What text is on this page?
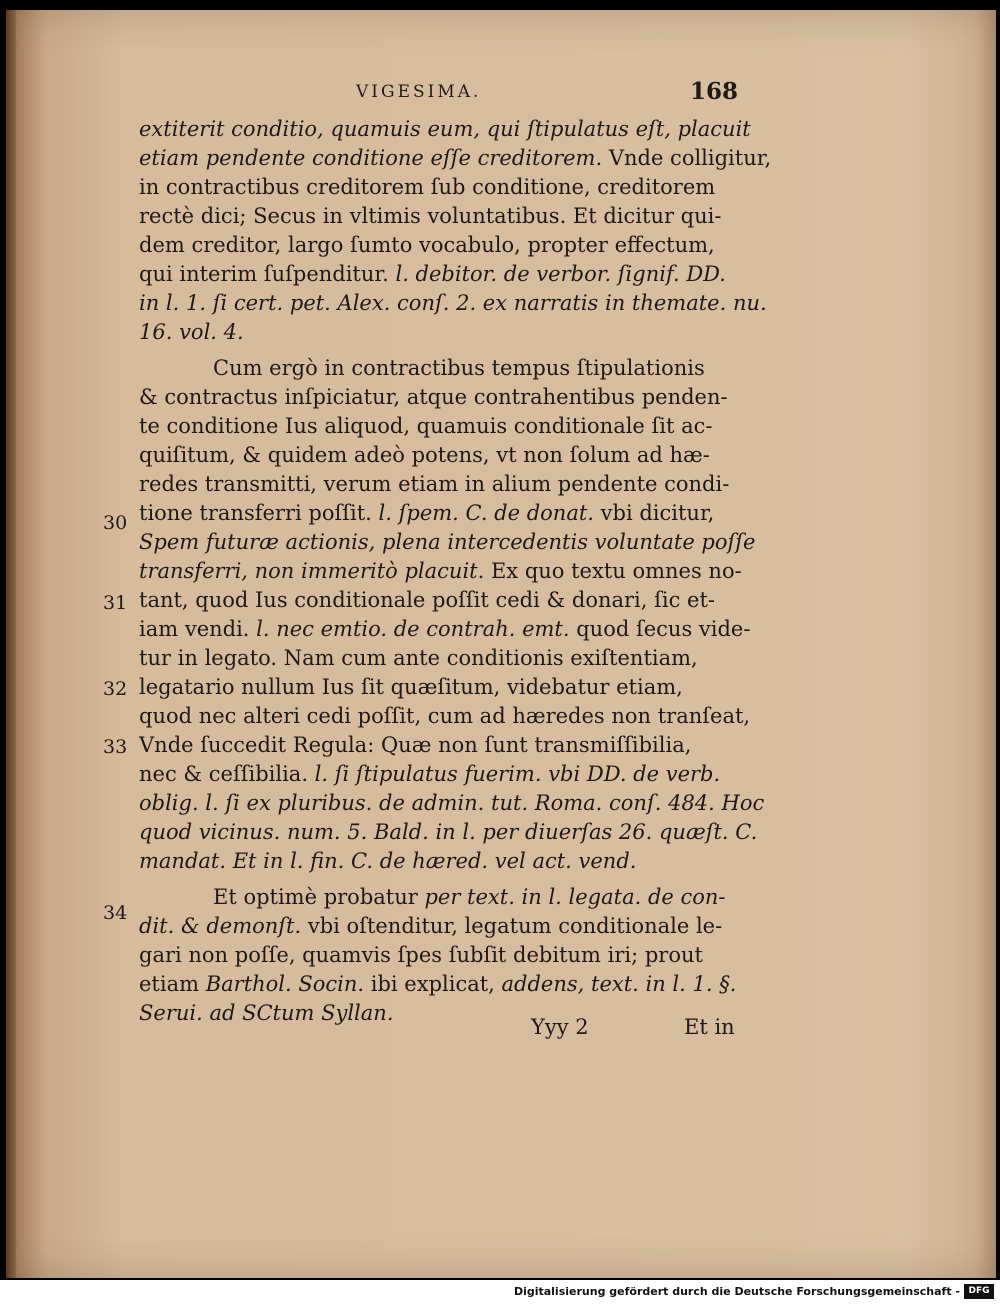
VIGESIMA.	168
extiterit conditio, quamuis eum, qui ſtipulatus eſt, placuit
etiam pendente conditione eſſe creditorem. Vnde colligitur,
in contractibus creditorem ſub conditione, creditorem
rectè dici; Secus in vltimis voluntatibus. Et dicitur qui-
dem creditor, largo ſumto vocabulo, propter effectum,
qui interim ſuſpenditur. l. debitor. de verbor. ſignif. DD.
in l. 1. ſi cert. pet. Alex. conſ. 2. ex narratis in themate. nu.
16. vol. 4.
Cum ergò in contractibus tempus ſtipulationis
& contractus inſpiciatur, atque contrahentibus penden-
te conditione Ius aliquod, quamuis conditionale ſit ac-
quiſitum, & quidem adeò potens, vt non ſolum ad hæ-
redes transmitti, verum etiam in alium pendente condi-
tione transferri poſſit. l. ſpem. C. de donat. vbi dicitur,
Spem futuræ actionis, plena intercedentis voluntate poſſe
transferri, non immeritò placuit. Ex quo textu omnes no-
tant, quod Ius conditionale poſſit cedi & donari, ſic et-
iam vendi. l. nec emtio. de contrah. emt. quod ſecus vide-
tur in legato. Nam cum ante conditionis exiſtentiam,
legatario nullum Ius ſit quæſitum, videbatur etiam,
quod nec alteri cedi poſſit, cum ad hæredes non tranſeat,
Vnde ſuccedit Regula: Quæ non ſunt transmiſſibilia,
nec & ceſſibilia. l. ſi ſtipulatus fuerim. vbi DD. de verb.
oblig. l. ſi ex pluribus. de admin. tut. Roma. conſ. 484. Hoc
quod vicinus. num. 5. Bald. in l. per diuerſas 26. quæſt. C.
mandat. Et in l. fin. C. de hæred. vel act. vend.
Et optimè probatur per text. in l. legata. de con-
dit. & demonſt. vbi oſtenditur, legatum conditionale le-
gari non poſſe, quamvis ſpes ſubſit debitum iri; prout
etiam Barthol. Socin. ibi explicat, addens, text. in l. 1. §.
Serui. ad SCtum Syllan.
30
31
32
33
34
Yyy 2	Et in
Digitalisierung gefördert durch die Deutsche Forschungsgemeinschaft - DFG
